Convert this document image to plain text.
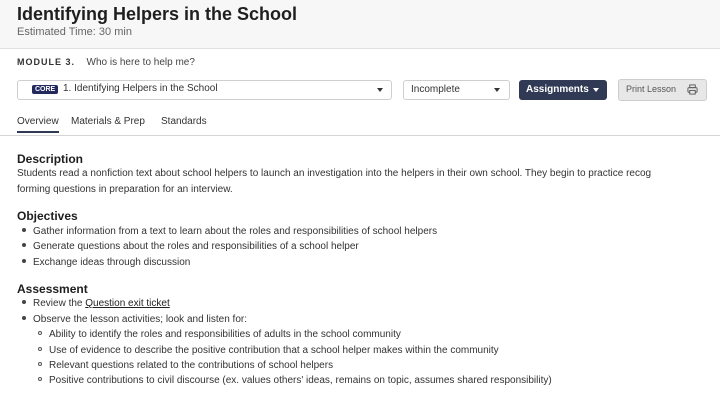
Identifying Helpers in the School
Estimated Time: 30 min
MODULE 3. Who is here to help me?
CORE 1. Identifying Helpers in the School	Incomplete	Assignments	Print Lesson
Overview Materials & Prep Standards
Description
Students read a nonfiction text about school helpers to launch an investigation into the helpers in their own school. They begin to practice recog
forming questions in preparation for an interview.
Objectives
Gather information from a text to learn about the roles and responsibilities of school helpers
Generate questions about the roles and responsibilities of a school helper
Exchange ideas through discussion
Assessment
Review the Question exit ticket
Observe the lesson activities; look and listen for:
Ability to identify the roles and responsibilities of adults in the school community
Use of evidence to describe the positive contribution that a school helper makes within the community
Relevant questions related to the contributions of school helpers
Positive contributions to civil discourse (ex. values others' ideas, remains on topic, assumes shared responsibility)
